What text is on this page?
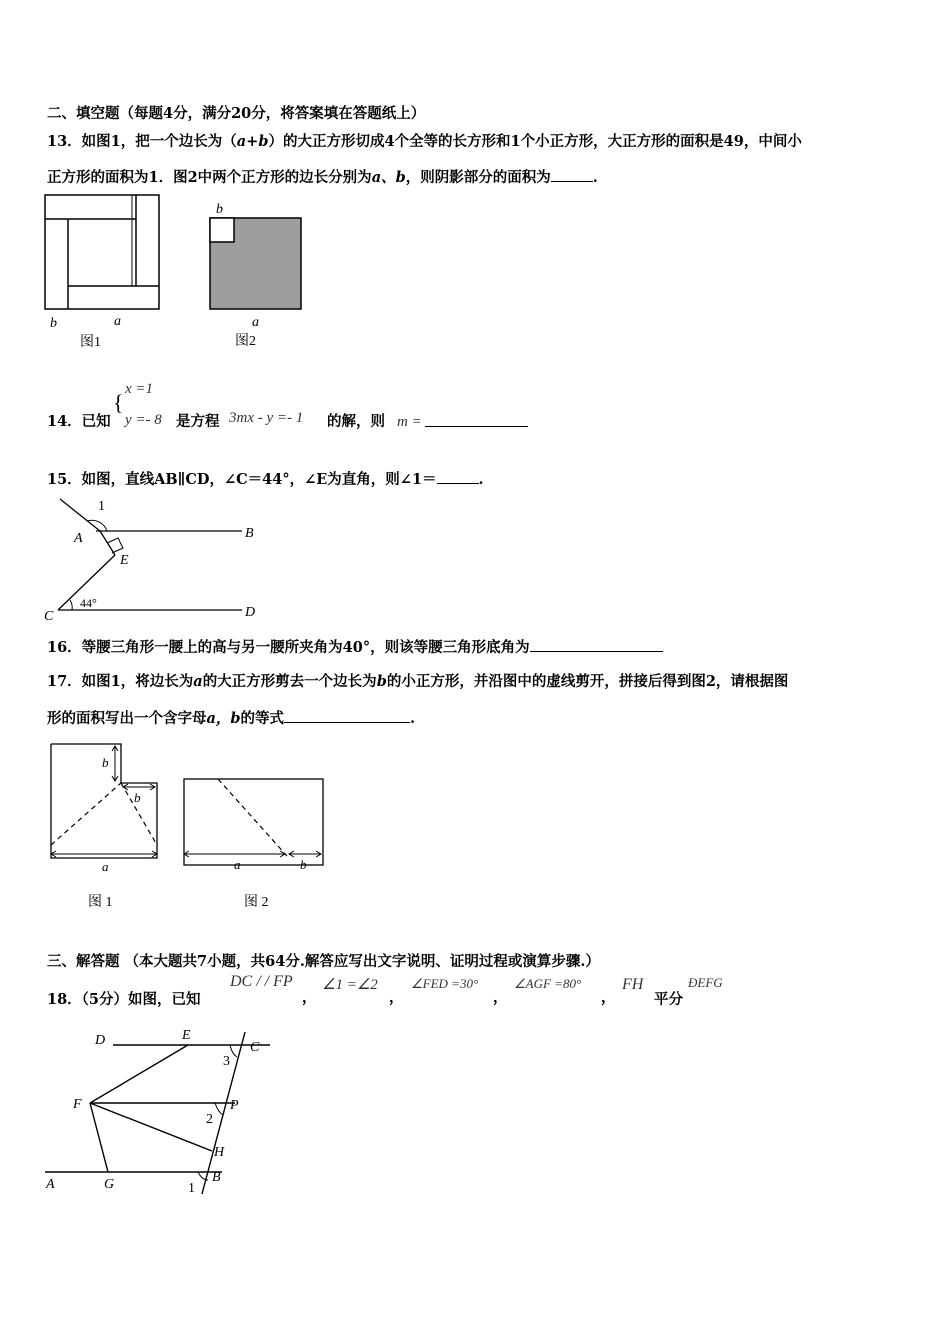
二、填空题（每题4分，满分20分，将答案填在答题纸上）
13．如图1，把一个边长为（a+b）的大正方形切成4个全等的长方形和1个小正方形，大正方形的面积是49，中间小
正方形的面积为1．图2中两个正方形的边长分别为a、b，则阴影部分的面积为	.
b	a
图1
b
a
图2
14．已知	3mx - y =- 1	m =
{
x =1
y =- 8 是方程	的解，则
15．如图，直线AB∥CD，∠C＝44°，∠E为直角，则∠1＝	.
1
A	B
E
C	D
44°
16．等腰三角形一腰上的高与另一腰所夹角为40°，则该等腰三角形底角为
17．如图1，将边长为a的大正方形剪去一个边长为b的小正方形，并沿图中的虚线剪开，拼接后得到图2，请根据图
形的面积写出一个含字母a，b的等式	.
b
b
a
图 1
a	b
图 2
三、解答题 （本大题共7小题，共64分.解答应写出文字说明、证明过程或演算步骤.）
18．（5分）如图，已知
DC / / FP
，
∠1 =∠2
，
∠FED =30°
，
∠AGF =80°
，
FH
平分
ÐEFG
D	E
C
3
F	P
2
H
A	G	1
B
